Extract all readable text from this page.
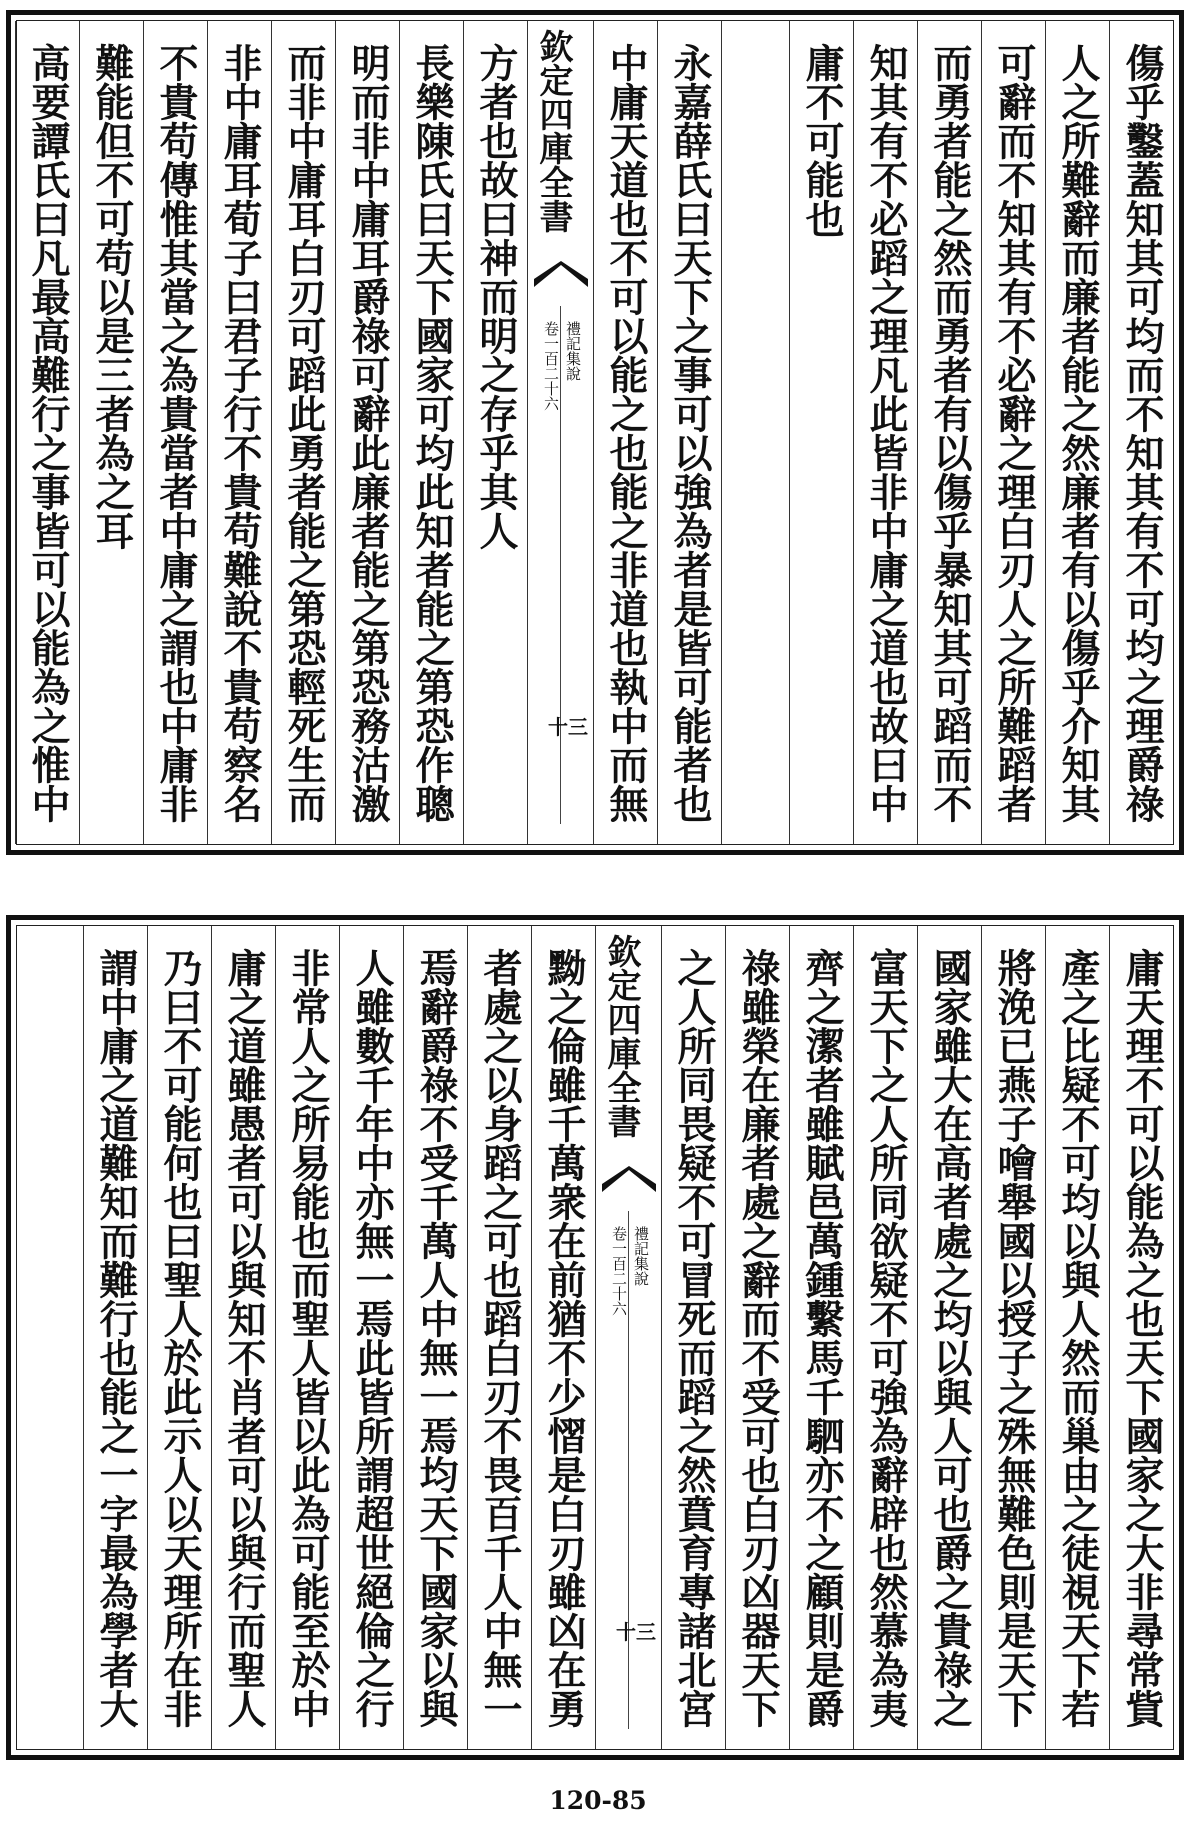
傷乎鑿蓋知其可均而不知其有不可均之理爵祿
人之所難辭而廉者能之然廉者有以傷乎介知其
可辭而不知其有不必辭之理白刃人之所難蹈者
而勇者能之然而勇者有以傷乎暴知其可蹈而不
知其有不必蹈之理凡此皆非中庸之道也故曰中
庸不可能也
永嘉薛氏曰天下之事可以強為者是皆可能者也
中庸天道也不可以能之也能之非道也執中而無
欽定四庫全書
禮記集說
卷一百二十六
十三
方者也故曰神而明之存乎其人
長樂陳氏曰天下國家可均此知者能之第恐作聰
明而非中庸耳爵祿可辭此廉者能之第恐務沽激
而非中庸耳白刃可蹈此勇者能之第恐輕死生而
非中庸耳荀子曰君子行不貴苟難說不貴苟察名
不貴苟傳惟其當之為貴當者中庸之謂也中庸非
難能但不可苟以是三者為之耳
高要譚氏曰凡最高難行之事皆可以能為之惟中
庸天理不可以能為之也天下國家之大非尋常貲
產之比疑不可均以與人然而巢由之徒視天下若
將浼已燕子噲舉國以授子之殊無難色則是天下
國家雖大在高者處之均以與人可也爵之貴祿之
富天下之人所同欲疑不可強為辭辟也然慕為夷
齊之潔者雖賦邑萬鍾繫馬千駟亦不之顧則是爵
祿雖榮在廉者處之辭而不受可也白刃凶器天下
之人所同畏疑不可冒死而蹈之然賁育專諸北宮
欽定四庫全書
禮記集說
卷一百二十六
十三
黝之倫雖千萬衆在前猶不少慴是白刃雖凶在勇
者處之以身蹈之可也蹈白刃不畏百千人中無一
焉辭爵祿不受千萬人中無一焉均天下國家以與
人雖數千年中亦無一焉此皆所謂超世絕倫之行
非常人之所易能也而聖人皆以此為可能至於中
庸之道雖愚者可以與知不肖者可以與行而聖人
乃曰不可能何也曰聖人於此示人以天理所在非
謂中庸之道難知而難行也能之一字最為學者大
120-85
